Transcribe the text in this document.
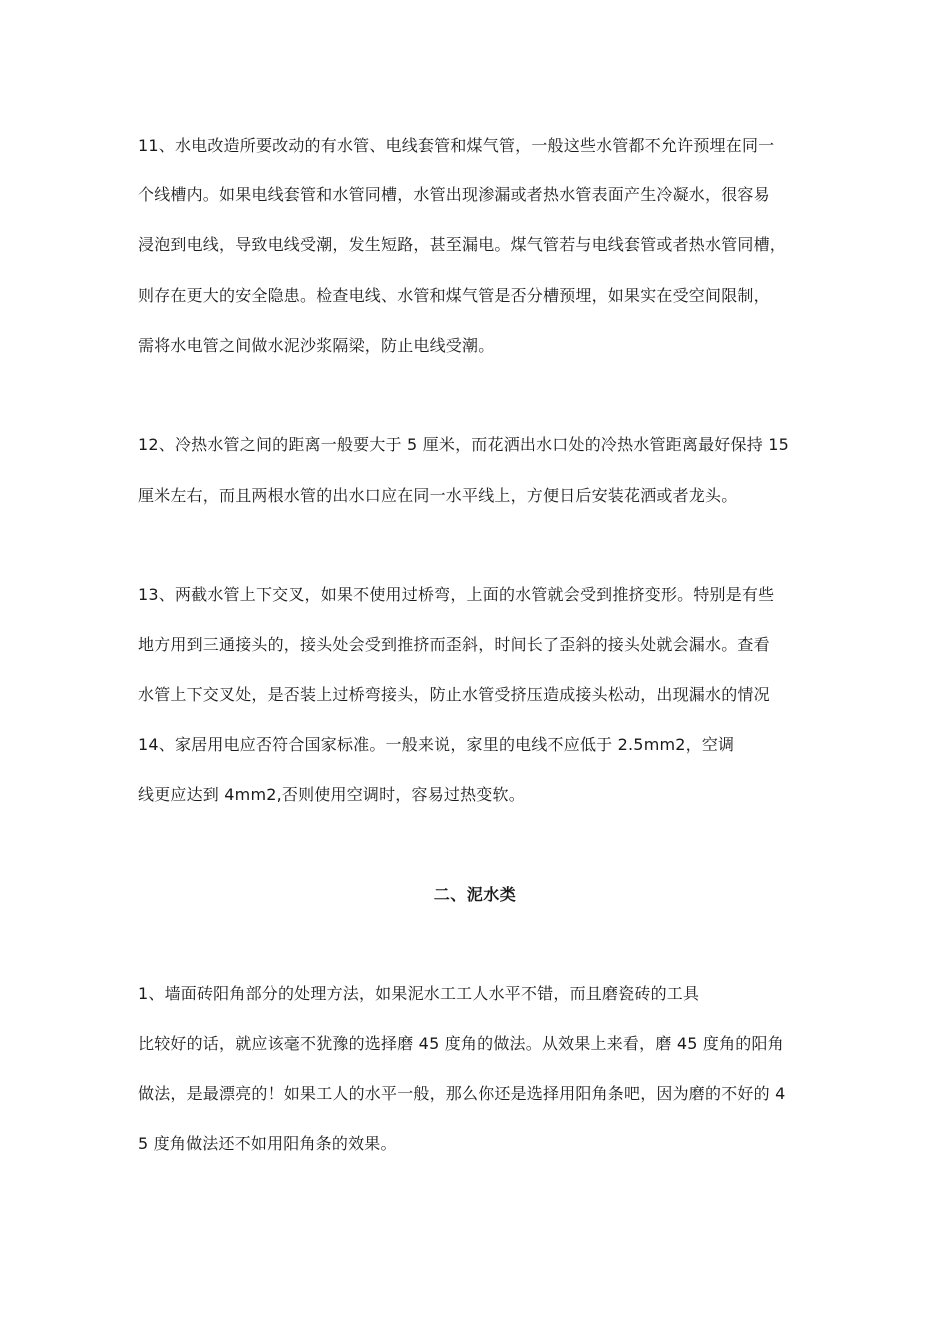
11、水电改造所要改动的有水管、电线套管和煤气管，一般这些水管都不允许预埋在同一
个线槽内。如果电线套管和水管同槽，水管出现渗漏或者热水管表面产生冷凝水，很容易
浸泡到电线，导致电线受潮，发生短路，甚至漏电。煤气管若与电线套管或者热水管同槽，
则存在更大的安全隐患。检查电线、水管和煤气管是否分槽预埋，如果实在受空间限制，
需将水电管之间做水泥沙浆隔梁，防止电线受潮。
12、冷热水管之间的距离一般要大于 5 厘米，而花洒出水口处的冷热水管距离最好保持 15
厘米左右，而且两根水管的出水口应在同一水平线上，方便日后安装花洒或者龙头。
13、两截水管上下交叉，如果不使用过桥弯，上面的水管就会受到推挤变形。特别是有些
地方用到三通接头的，接头处会受到推挤而歪斜，时间长了歪斜的接头处就会漏水。查看
水管上下交叉处，是否装上过桥弯接头，防止水管受挤压造成接头松动，出现漏水的情况
14、家居用电应否符合国家标准。一般来说，家里的电线不应低于 2.5mm2，空调
线更应达到 4mm2,否则使用空调时，容易过热变软。
二、泥水类
1、墙面砖阳角部分的处理方法，如果泥水工工人水平不错，而且磨瓷砖的工具
比较好的话，就应该毫不犹豫的选择磨 45 度角的做法。从效果上来看，磨 45 度角的阳角
做法，是最漂亮的！如果工人的水平一般，那么你还是选择用阳角条吧，因为磨的不好的 4
5 度角做法还不如用阳角条的效果。
